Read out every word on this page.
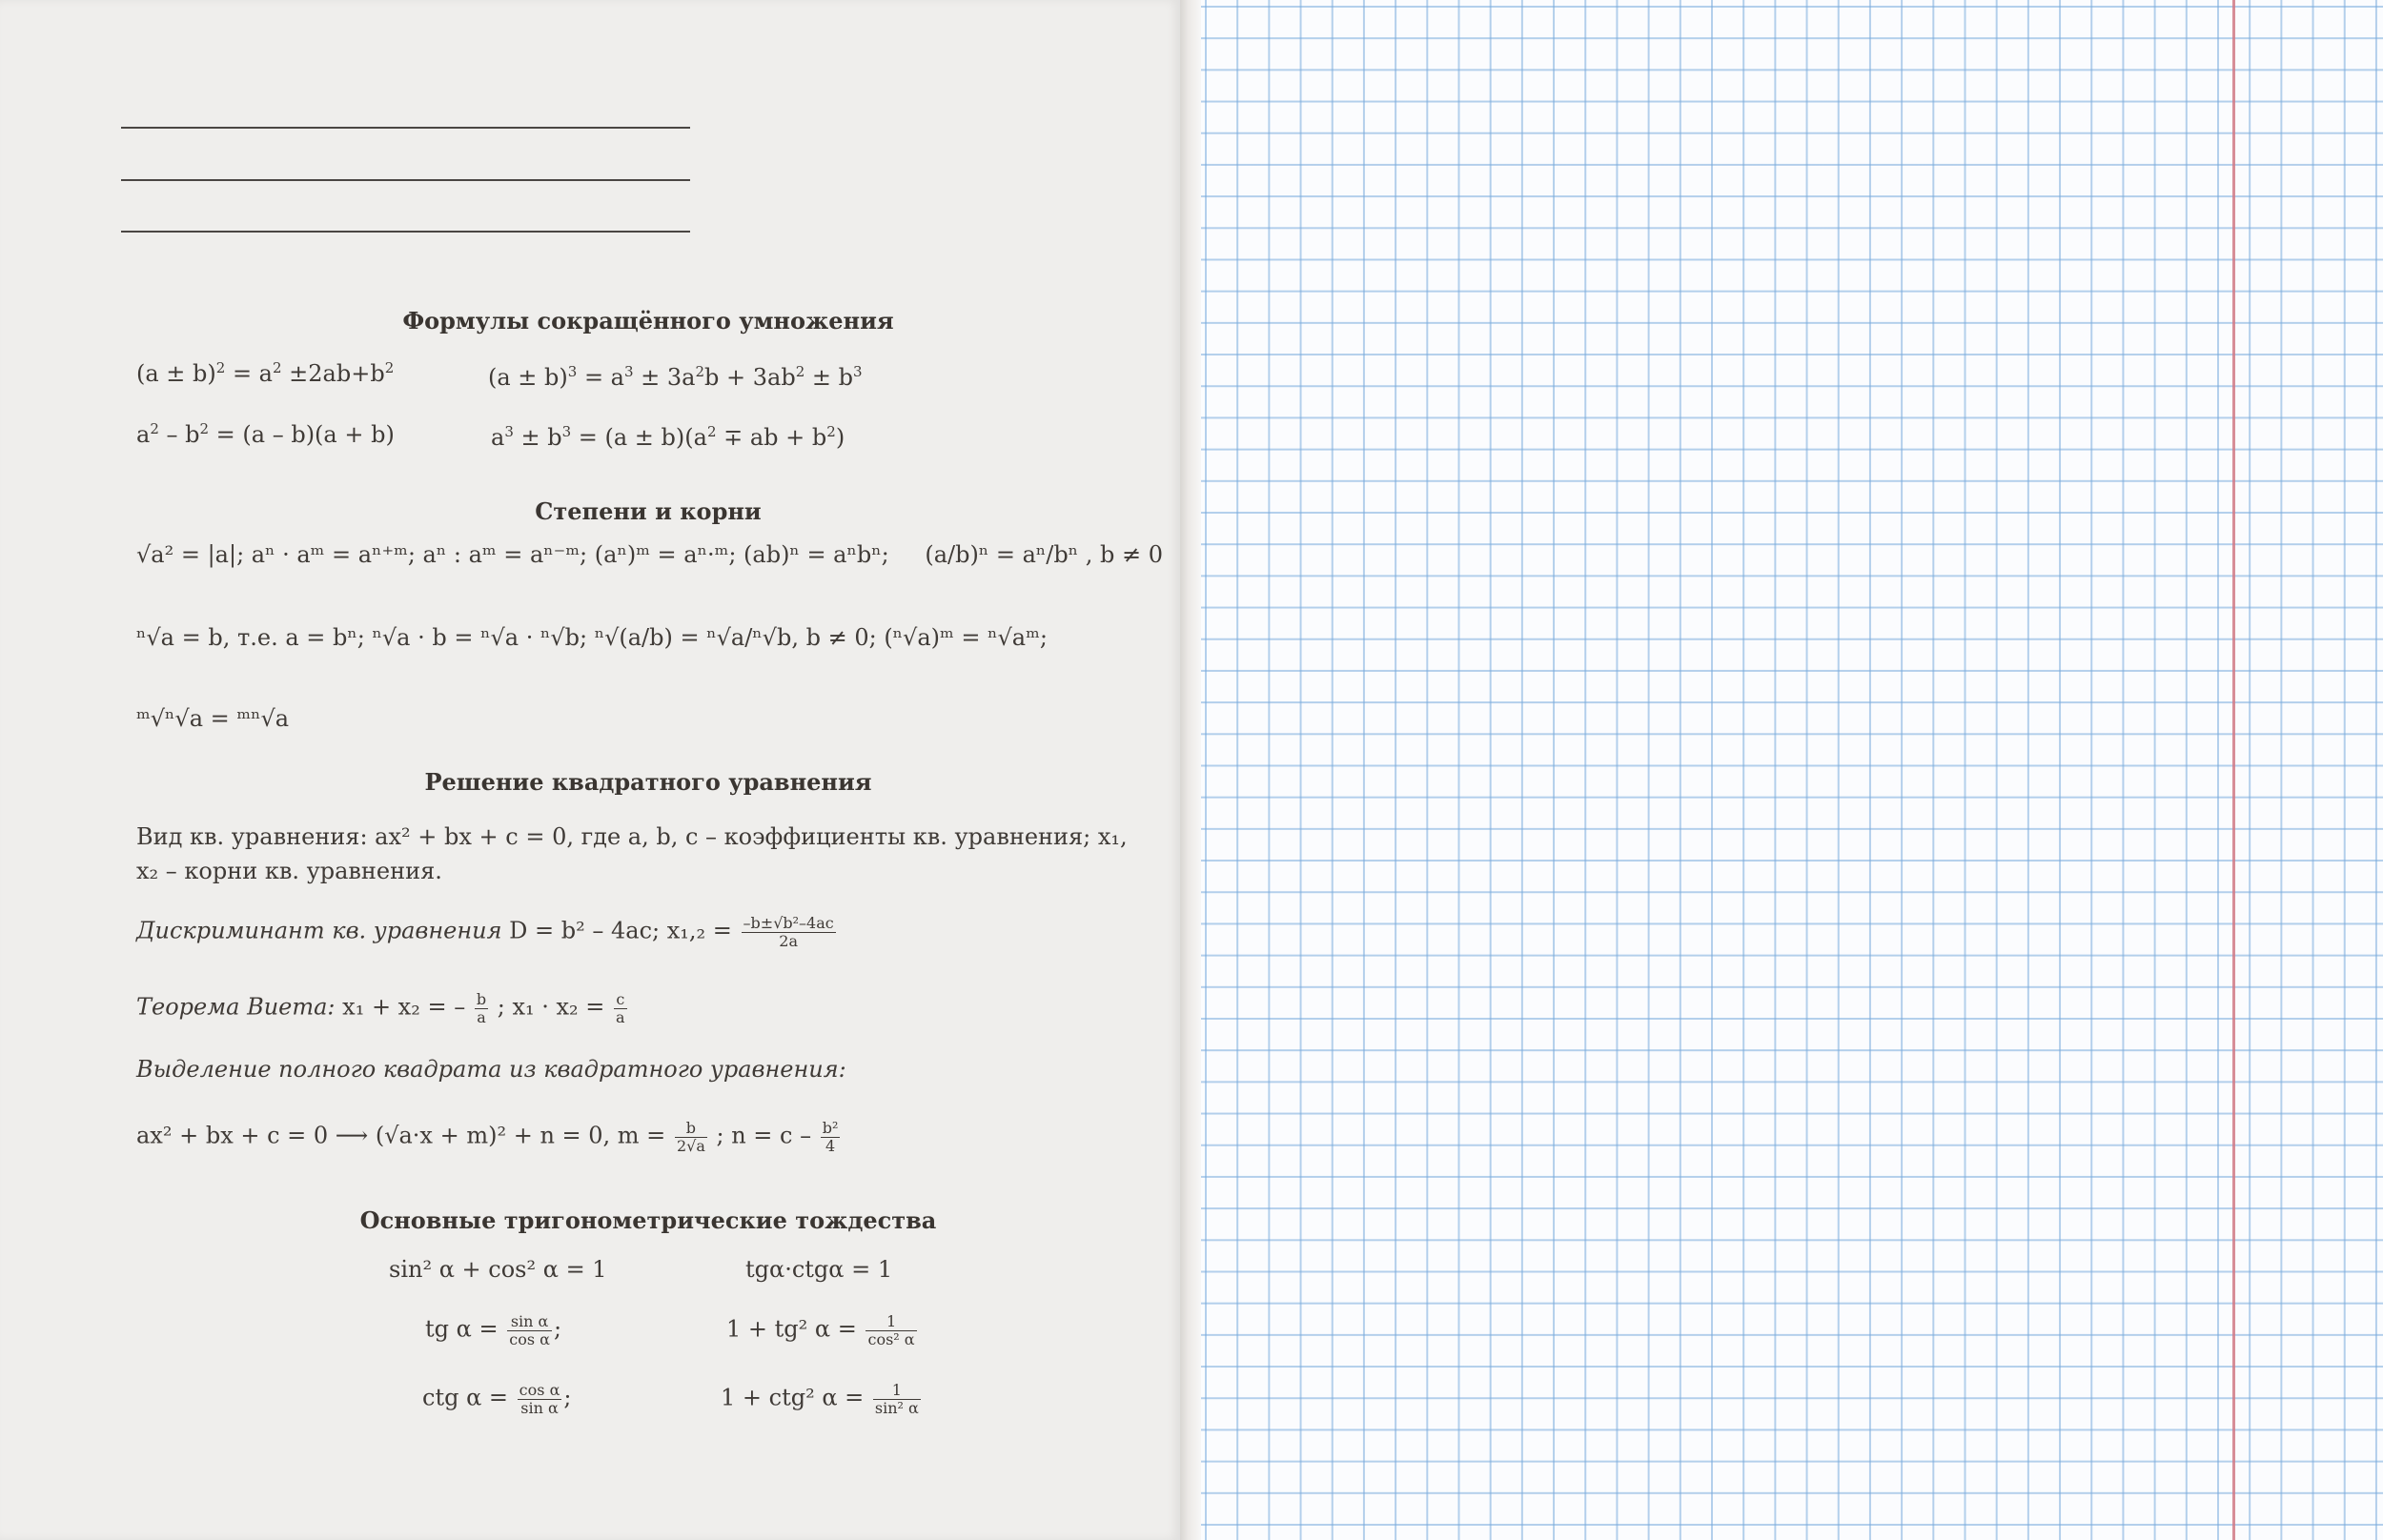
Формулы сокращённого умножения
$(a \pm b)^2 = a^2 \pm 2ab+b^2$	$(a \pm b)^3 = a^3 \pm 3a^2b + 3ab^2 \pm b^3$
$a^2 - b^2 = (a - b)(a + b)$	$a^3 \pm b^3 = (a \pm b)(a^2$ ∓ ab + $b^2$)
Степени и корни
√a² = |a|; aⁿ · aᵐ = aⁿ⁺ᵐ; aⁿ : aᵐ = aⁿ⁻ᵐ; (aⁿ)ᵐ = aⁿ·ᵐ; (ab)ⁿ = aⁿbⁿ; (a/b)ⁿ = aⁿ/bⁿ , b ≠ 0
ⁿ√a = b, т.е. a = bⁿ; ⁿ√a · b = ⁿ√a · ⁿ√b; ⁿ√(a/b) = ⁿ√a/ⁿ√b, b ≠ 0; (ⁿ√a)ᵐ = ⁿ√aᵐ;
ᵐ√ⁿ√a = ᵐⁿ√a
Решение квадратного уравнения
Вид кв. уравнения: ax² + bx + c = 0, где a, b, c – коэффициенты кв. уравнения; x₁, x₂ – корни кв. уравнения.
Дискриминант кв. уравнения D = b² – 4ac; $x_1,_2 = \frac{\text{–b±√b²–4ac}}{2a}$
Теорема Виета: x₁ + x₂ = – $\frac{b}{a}$ ; $x_1 \cdot x_2 = \frac{c}{a}$
Выделение полного квадрата из квадратного уравнения:
ax² + bx + c = 0 ⟶ (√a·x + m)² + n = 0, $m = \frac{b}{2√a}$ ; $n = c - \frac{\text{b²}}{4}$
Основные тригонометрические тождества
sin² α + cos² α = 1	tgα·ctgα = 1
tg $\alpha = \frac{\text{sin α}}{\text{cos α}}$ ;	1 + tg² $\alpha = \frac{1}{\text{cos² α}}$
ctg $\alpha = \frac{\text{cos α}}{\text{sin α}}$ ;	1 + ctg² $\alpha = \frac{1}{\text{sin² α}}$
